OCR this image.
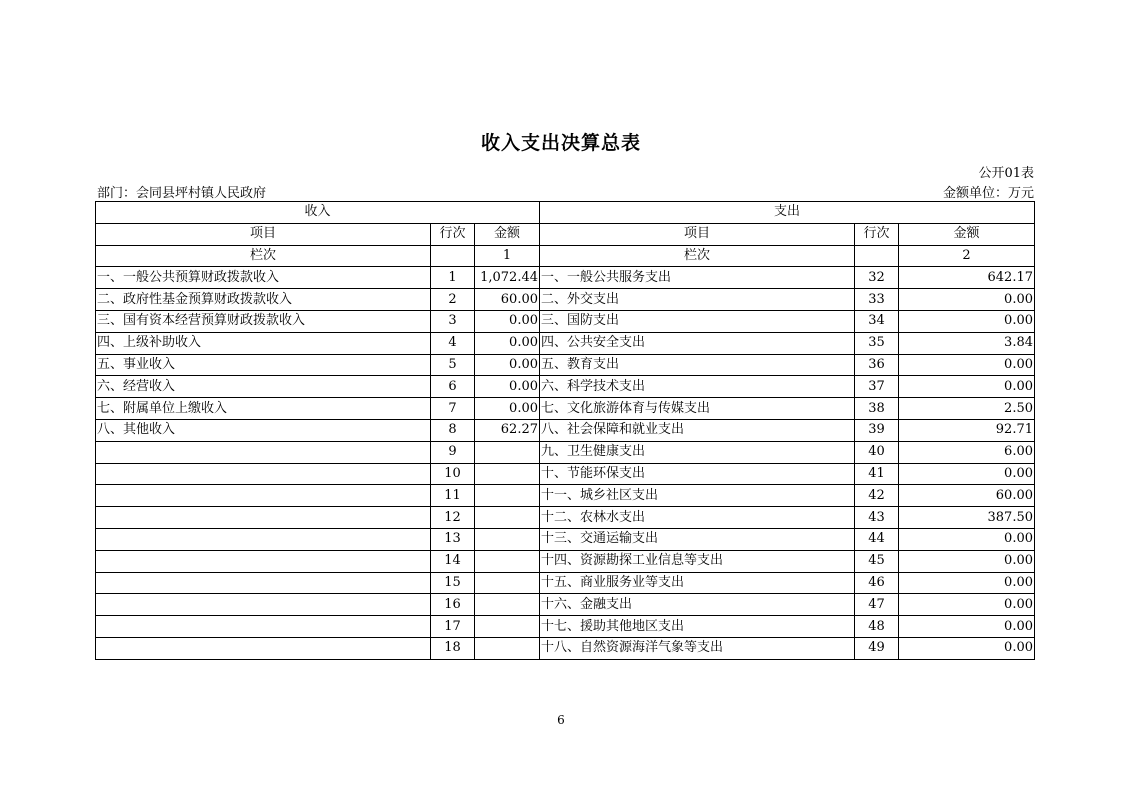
收入支出决算总表
公开01表
部门：会同县坪村镇人民政府	金额单位：万元
收入			支出		
项目	行次	金额	项目	行次	金额
栏次		1	栏次		2
一、一般公共预算财政拨款收入	1	1,072.44	一、一般公共服务支出	32	642.17
二、政府性基金预算财政拨款收入	2	60.00	二、外交支出	33	0.00
三、国有资本经营预算财政拨款收入	3	0.00	三、国防支出	34	0.00
四、上级补助收入	4	0.00	四、公共安全支出	35	3.84
五、事业收入	5	0.00	五、教育支出	36	0.00
六、经营收入	6	0.00	六、科学技术支出	37	0.00
七、附属单位上缴收入	7	0.00	七、文化旅游体育与传媒支出	38	2.50
八、其他收入	8	62.27	八、社会保障和就业支出	39	92.71
	9		九、卫生健康支出	40	6.00
	10		十、节能环保支出	41	0.00
	11		十一、城乡社区支出	42	60.00
	12		十二、农林水支出	43	387.50
	13		十三、交通运输支出	44	0.00
	14		十四、资源勘探工业信息等支出	45	0.00
	15		十五、商业服务业等支出	46	0.00
	16		十六、金融支出	47	0.00
	17		十七、援助其他地区支出	48	0.00
	18		十八、自然资源海洋气象等支出	49	0.00
6
